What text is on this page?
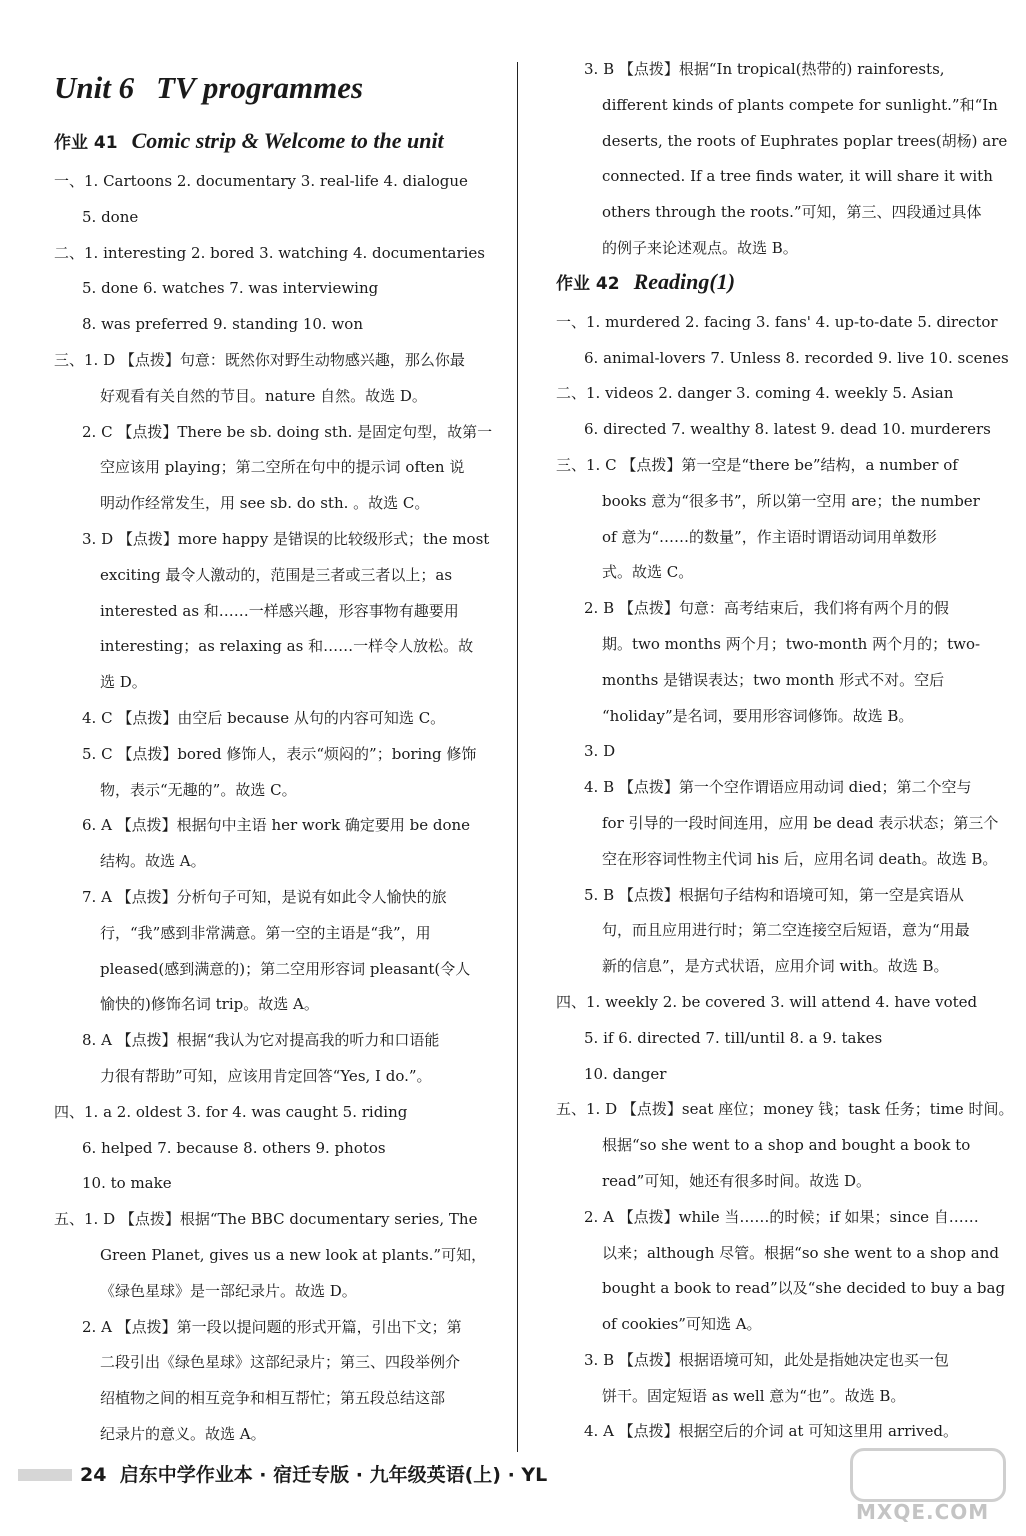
Unit 6 TV programmes
作业 41 Comic strip & Welcome to the unit
一、1. Cartoons 2. documentary 3. real-life 4. dialogue
5. done
二、1. interesting 2. bored 3. watching 4. documentaries
5. done 6. watches 7. was interviewing
8. was preferred 9. standing 10. won
三、1. D 【点拨】句意：既然你对野生动物感兴趣，那么你最
好观看有关自然的节目。nature 自然。故选 D。
2. C 【点拨】There be sb. doing sth. 是固定句型，故第一
空应该用 playing；第二空所在句中的提示词 often 说
明动作经常发生，用 see sb. do sth. 。故选 C。
3. D 【点拨】more happy 是错误的比较级形式；the most
exciting 最令人激动的，范围是三者或三者以上；as
interested as 和……一样感兴趣，形容事物有趣要用
interesting；as relaxing as 和……一样令人放松。故
选 D。
4. C 【点拨】由空后 because 从句的内容可知选 C。
5. C 【点拨】bored 修饰人，表示“烦闷的”；boring 修饰
物，表示“无趣的”。故选 C。
6. A 【点拨】根据句中主语 her work 确定要用 be done
结构。故选 A。
7. A 【点拨】分析句子可知，是说有如此令人愉快的旅
行，“我”感到非常满意。第一空的主语是“我”，用
pleased(感到满意的)；第二空用形容词 pleasant(令人
愉快的)修饰名词 trip。故选 A。
8. A 【点拨】根据“我认为它对提高我的听力和口语能
力很有帮助”可知，应该用肯定回答“Yes, I do.”。
四、1. a 2. oldest 3. for 4. was caught 5. riding
6. helped 7. because 8. others 9. photos
10. to make
五、1. D 【点拨】根据“The BBC documentary series, The
Green Planet, gives us a new look at plants.”可知，
《绿色星球》是一部纪录片。故选 D。
2. A 【点拨】第一段以提问题的形式开篇，引出下文；第
二段引出《绿色星球》这部纪录片；第三、四段举例介
绍植物之间的相互竞争和相互帮忙；第五段总结这部
纪录片的意义。故选 A。
3. B 【点拨】根据“In tropical(热带的) rainforests,
different kinds of plants compete for sunlight.”和“In
deserts, the roots of Euphrates poplar trees(胡杨) are
connected. If a tree finds water, it will share it with
others through the roots.”可知，第三、四段通过具体
的例子来论述观点。故选 B。
作业 42 Reading(1)
一、1. murdered 2. facing 3. fans' 4. up-to-date 5. director
6. animal-lovers 7. Unless 8. recorded 9. live 10. scenes
二、1. videos 2. danger 3. coming 4. weekly 5. Asian
6. directed 7. wealthy 8. latest 9. dead 10. murderers
三、1. C 【点拨】第一空是“there be”结构，a number of
books 意为“很多书”，所以第一空用 are；the number
of 意为“……的数量”，作主语时谓语动词用单数形
式。故选 C。
2. B 【点拨】句意：高考结束后，我们将有两个月的假
期。two months 两个月；two-month 两个月的；two-
months 是错误表达；two month 形式不对。空后
“holiday”是名词，要用形容词修饰。故选 B。
3. D
4. B 【点拨】第一个空作谓语应用动词 died；第二个空与
for 引导的一段时间连用，应用 be dead 表示状态；第三个
空在形容词性物主代词 his 后，应用名词 death。故选 B。
5. B 【点拨】根据句子结构和语境可知，第一空是宾语从
句，而且应用进行时；第二空连接空后短语，意为“用最
新的信息”，是方式状语，应用介词 with。故选 B。
四、1. weekly 2. be covered 3. will attend 4. have voted
5. if 6. directed 7. till/until 8. a 9. takes
10. danger
五、1. D 【点拨】seat 座位；money 钱；task 任务；time 时间。
根据“so she went to a shop and bought a book to
read”可知，她还有很多时间。故选 D。
2. A 【点拨】while 当……的时候；if 如果；since 自……
以来；although 尽管。根据“so she went to a shop and
bought a book to read”以及“she decided to buy a bag
of cookies”可知选 A。
3. B 【点拨】根据语境可知，此处是指她决定也买一包
饼干。固定短语 as well 意为“也”。故选 B。
4. A 【点拨】根据空后的介词 at 可知这里用 arrived。
24 启东中学作业本 · 宿迁专版 · 九年级英语(上) · YL
MXQE.COM
